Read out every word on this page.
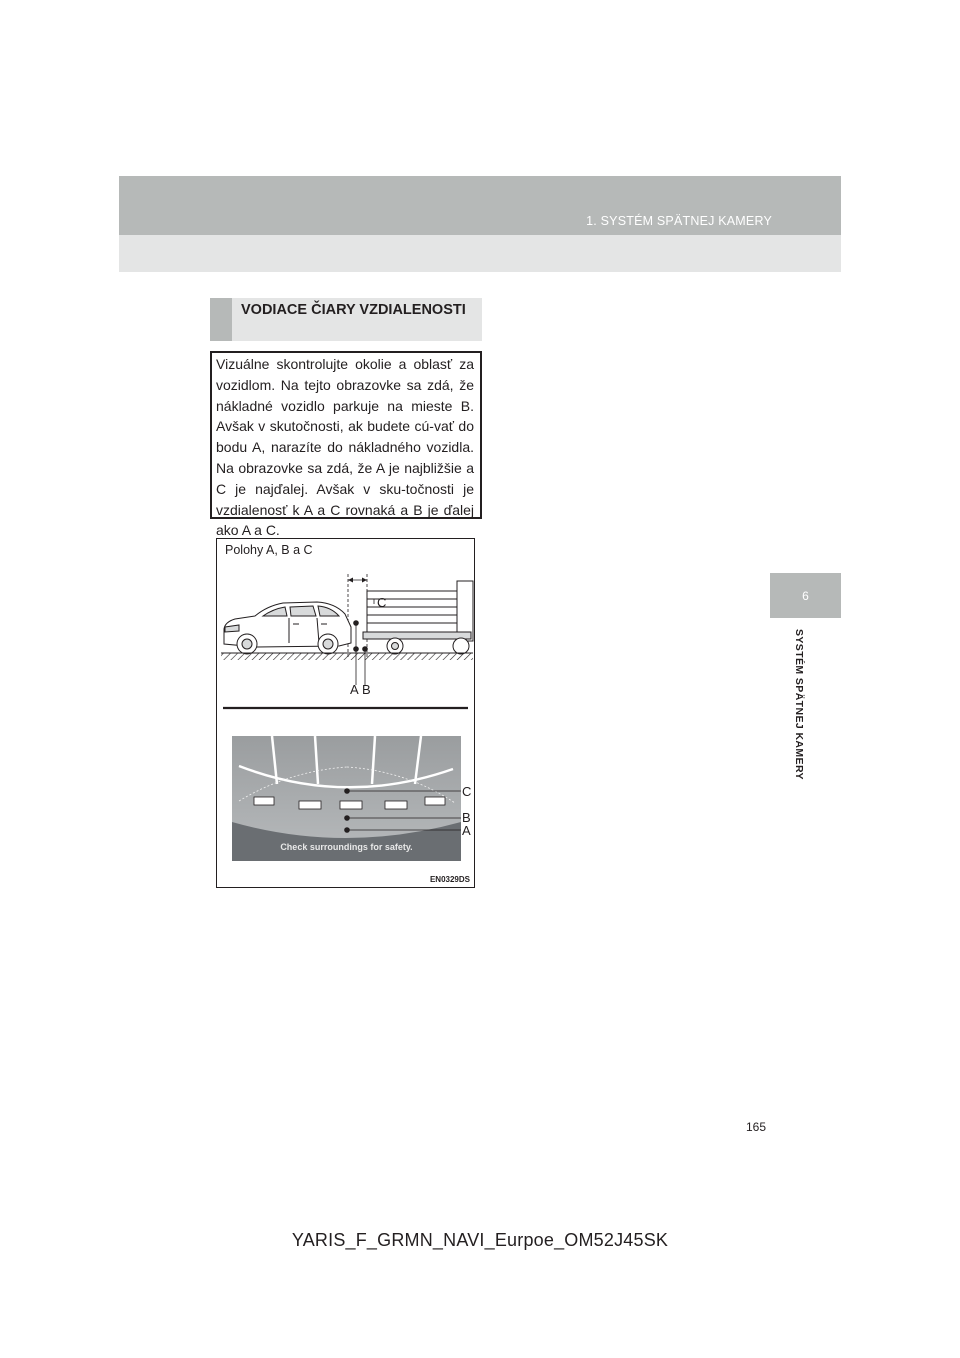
1. SYSTÉM SPÄTNEJ KAMERY
6
SYSTÉM SPÄTNEJ KAMERY
VODIACE ČIARY VZDIALENOSTI

Vizuálne skontrolujte okolie a oblasť za vozidlom. Na tejto obrazovke sa zdá, že nákladné vozidlo parkuje na mieste B. Avšak v skutočnosti, ak budete cú-vať do bodu A, narazíte do nákladného vozidla. Na obrazovke sa zdá, že A je najbližšie a C je najďalej. Avšak v sku-točnosti je vzdialenosť k A a C rovnaká a B je ďalej ako A a C.

Polohy A, B a C
C
A B
C
B
A
Check surroundings for safety.
EN0329DS
165
YARIS_F_GRMN_NAVI_Eurpoe_OM52J45SK
